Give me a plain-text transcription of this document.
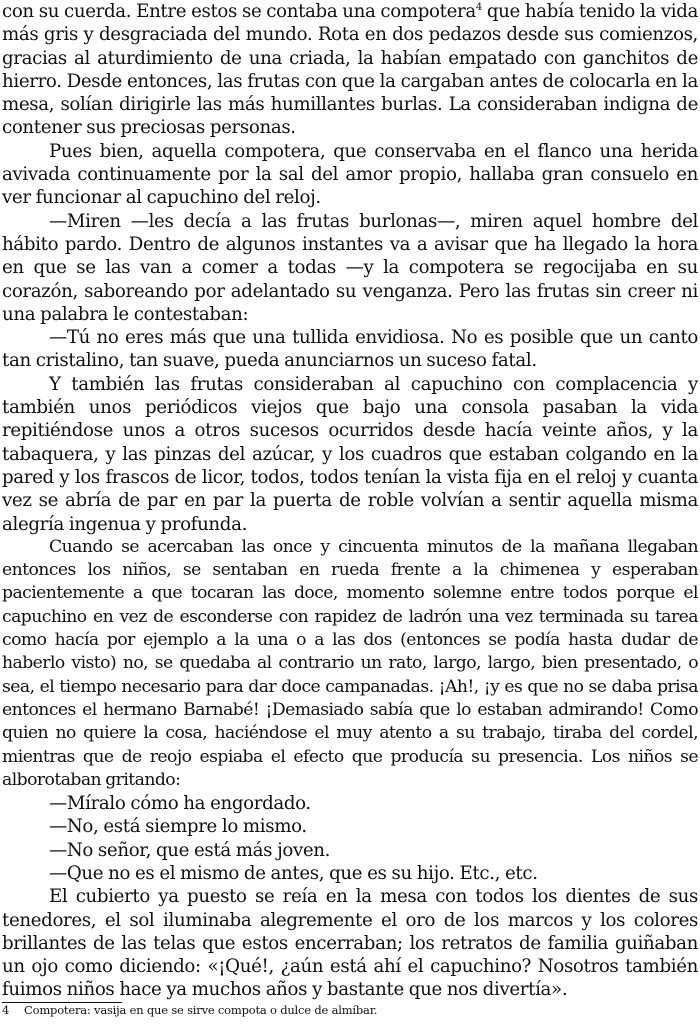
con su cuerda. Entre estos se contaba una compotera$^4$ que había tenido la vida más gris y desgraciada del mundo. Rota en dos pedazos desde sus comienzos, gracias al aturdimiento de una criada, la habían empatado con ganchitos de hierro. Desde entonces, las frutas con que la cargaban antes de colocarla en la mesa, solían dirigirle las más humillantes burlas. La consideraban indigna de contener sus preciosas personas.

Pues bien, aquella compotera, que conservaba en el flanco una herida avivada continuamente por la sal del amor propio, hallaba gran consuelo en ver funcionar al capuchino del reloj.

—Miren —les decía a las frutas burlonas—, miren aquel hombre del hábito pardo. Dentro de algunos instantes va a avisar que ha llegado la hora en que se las van a comer a todas —y la compotera se regocijaba en su corazón, saboreando por adelantado su venganza. Pero las frutas sin creer ni una palabra le contestaban:

—Tú no eres más que una tullida envidiosa. No es posible que un canto tan cristalino, tan suave, pueda anunciarnos un suceso fatal.

Y también las frutas consideraban al capuchino con complacencia y también unos periódicos viejos que bajo una consola pasaban la vida repitiéndose unos a otros sucesos ocurridos desde hacía veinte años, y la tabaquera, y las pinzas del azúcar, y los cuadros que estaban colgando en la pared y los frascos de licor, todos, todos tenían la vista fija en el reloj y cuanta vez se abría de par en par la puerta de roble volvían a sentir aquella misma alegría ingenua y profunda.

Cuando se acercaban las once y cincuenta minutos de la mañana llegaban entonces los niños, se sentaban en rueda frente a la chimenea y esperaban pacientemente a que tocaran las doce, momento solemne entre todos porque el capuchino en vez de esconderse con rapidez de ladrón una vez terminada su tarea como hacía por ejemplo a la una o a las dos (entonces se podía hasta dudar de haberlo visto) no, se quedaba al contrario un rato, largo, largo, bien presentado, o sea, el tiempo necesario para dar doce campanadas. ¡Ah!, ¡y es que no se daba prisa entonces el hermano Barnabé! ¡Demasiado sabía que lo estaban admirando! Como quien no quiere la cosa, haciéndose el muy atento a su trabajo, tiraba del cordel, mientras que de reojo espiaba el efecto que producía su presencia. Los niños se alborotaban gritando:

—Míralo cómo ha engordado.

—No, está siempre lo mismo.

—No señor, que está más joven.

—Que no es el mismo de antes, que es su hijo. Etc., etc.

El cubierto ya puesto se reía en la mesa con todos los dientes de sus tenedores, el sol iluminaba alegremente el oro de los marcos y los colores brillantes de las telas que estos encerraban; los retratos de familia guiñaban un ojo como diciendo: «¡Qué!, ¿aún está ahí el capuchino? Nosotros también fuimos niños hace ya muchos años y bastante que nos divertía».

4 Compotera: vasija en que se sirve compota o dulce de almíbar.
